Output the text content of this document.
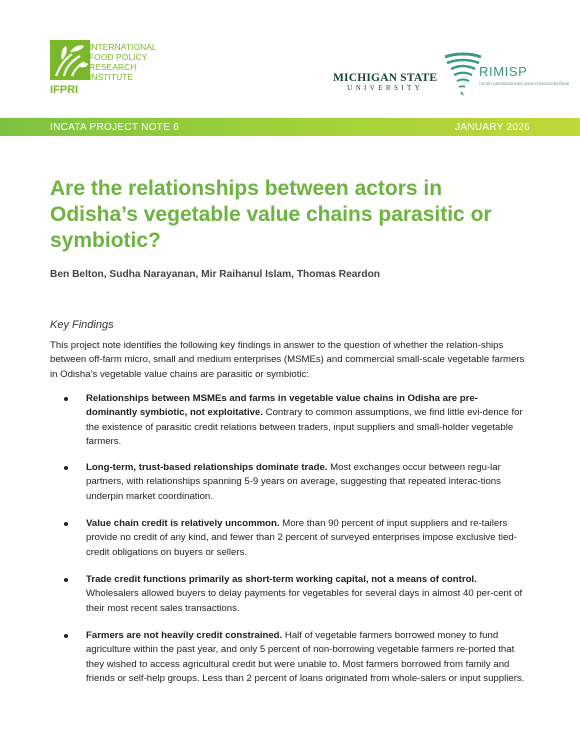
IFPRI
INTERNATIONAL
FOOD POLICY
RESEARCH
INSTITUTE	MICHIGAN STATE
UNIVERSITY
RIMISP
Centro Latinoamericano para el Desarrollo Rural
INCATA PROJECT NOTE 6	JANUARY 2026
Are the relationships between actors in Odisha’s vegetable value chains parasitic or symbiotic?
Ben Belton, Sudha Narayanan, Mir Raihanul Islam, Thomas Reardon
Key Findings
This project note identifies the following key findings in answer to the question of whether the relation-ships between off-farm micro, small and medium enterprises (MSMEs) and commercial small-scale vegetable farmers in Odisha’s vegetable value chains are parasitic or symbiotic:
Relationships between MSMEs and farms in vegetable value chains in Odisha are pre-dominantly symbiotic, not exploitative. Contrary to common assumptions, we find little evi-dence for the existence of parasitic credit relations between traders, input suppliers and small-holder vegetable farmers.
Long-term, trust-based relationships dominate trade. Most exchanges occur between regu-lar partners, with relationships spanning 5-9 years on average, suggesting that repeated interac-tions underpin market coordination.
Value chain credit is relatively uncommon. More than 90 percent of input suppliers and re-tailers provide no credit of any kind, and fewer than 2 percent of surveyed enterprises impose exclusive tied-credit obligations on buyers or sellers.
Trade credit functions primarily as short-term working capital, not a means of control. Wholesalers allowed buyers to delay payments for vegetables for several days in almost 40 per-cent of their most recent sales transactions.
Farmers are not heavily credit constrained. Half of vegetable farmers borrowed money to fund agriculture within the past year, and only 5 percent of non-borrowing vegetable farmers re-ported that they wished to access agricultural credit but were unable to. Most farmers borrowed from family and friends or self-help groups. Less than 2 percent of loans originated from whole-salers or input suppliers.
